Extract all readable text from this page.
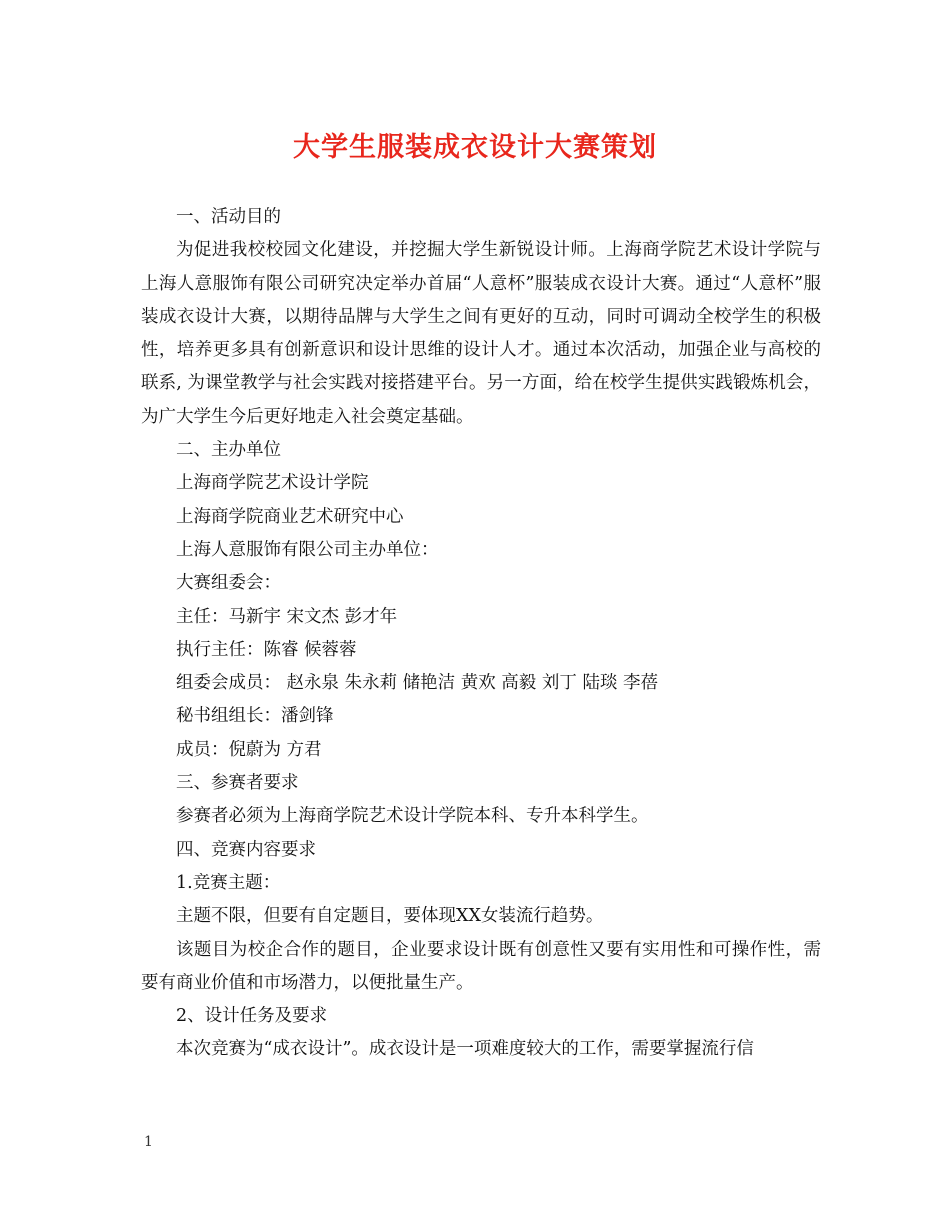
大学生服装成衣设计大赛策划

一、活动目的

为促进我校校园文化建设，并挖掘大学生新锐设计师。上海商学院艺术设计学院与上海人意服饰有限公司研究决定举办首届“人意杯”服装成衣设计大赛。通过“人意杯”服装成衣设计大赛，以期待品牌与大学生之间有更好的互动，同时可调动全校学生的积极性，培养更多具有创新意识和设计思维的设计人才。通过本次活动，加强企业与高校的联系, 为课堂教学与社会实践对接搭建平台。另一方面，给在校学生提供实践锻炼机会，为广大学生今后更好地走入社会奠定基础。

二、主办单位

上海商学院艺术设计学院

上海商学院商业艺术研究中心

上海人意服饰有限公司主办单位：

大赛组委会：

主任：马新宇 宋文杰 彭才年

执行主任：陈睿 候蓉蓉

组委会成员： 赵永泉 朱永莉 储艳洁 黄欢 高毅 刘丁 陆琰 李蓓

秘书组组长：潘剑锋

成员：倪蔚为 方君

三、参赛者要求

参赛者必须为上海商学院艺术设计学院本科、专升本科学生。

四、竞赛内容要求

1.竞赛主题：

主题不限，但要有自定题目，要体现XX女装流行趋势。

该题目为校企合作的题目，企业要求设计既有创意性又要有实用性和可操作性，需要有商业价值和市场潜力，以便批量生产。

2、设计任务及要求

本次竞赛为“成衣设计”。成衣设计是一项难度较大的工作，需要掌握流行信

1
